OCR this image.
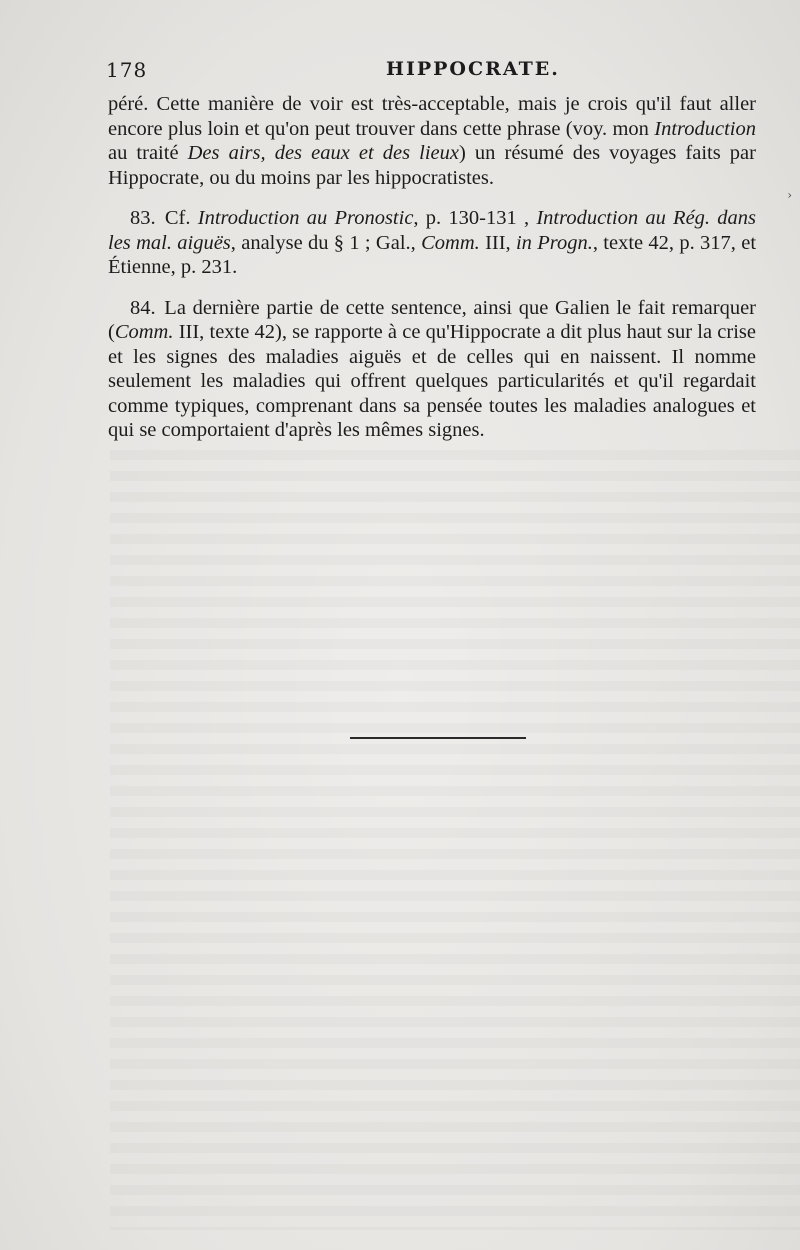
›
178	HIPPOCRATE.

péré. Cette manière de voir est très-acceptable, mais je crois qu'il faut aller encore plus loin et qu'on peut trouver dans cette phrase (voy. mon Introduction au traité Des airs, des eaux et des lieux) un résumé des voyages faits par Hippocrate, ou du moins par les hippocratistes.

83. Cf. Introduction au Pronostic, p. 130-131 , Introduction au Rég. dans les mal. aiguës, analyse du § 1 ; Gal., Comm. III, in Progn., texte 42, p. 317, et Étienne, p. 231.

84. La dernière partie de cette sentence, ainsi que Galien le fait remarquer (Comm. III, texte 42), se rapporte à ce qu'Hippocrate a dit plus haut sur la crise et les signes des maladies aiguës et de celles qui en naissent. Il nomme seulement les maladies qui offrent quelques particularités et qu'il regardait comme typiques, comprenant dans sa pensée toutes les maladies analogues et qui se comportaient d'après les mêmes signes.
